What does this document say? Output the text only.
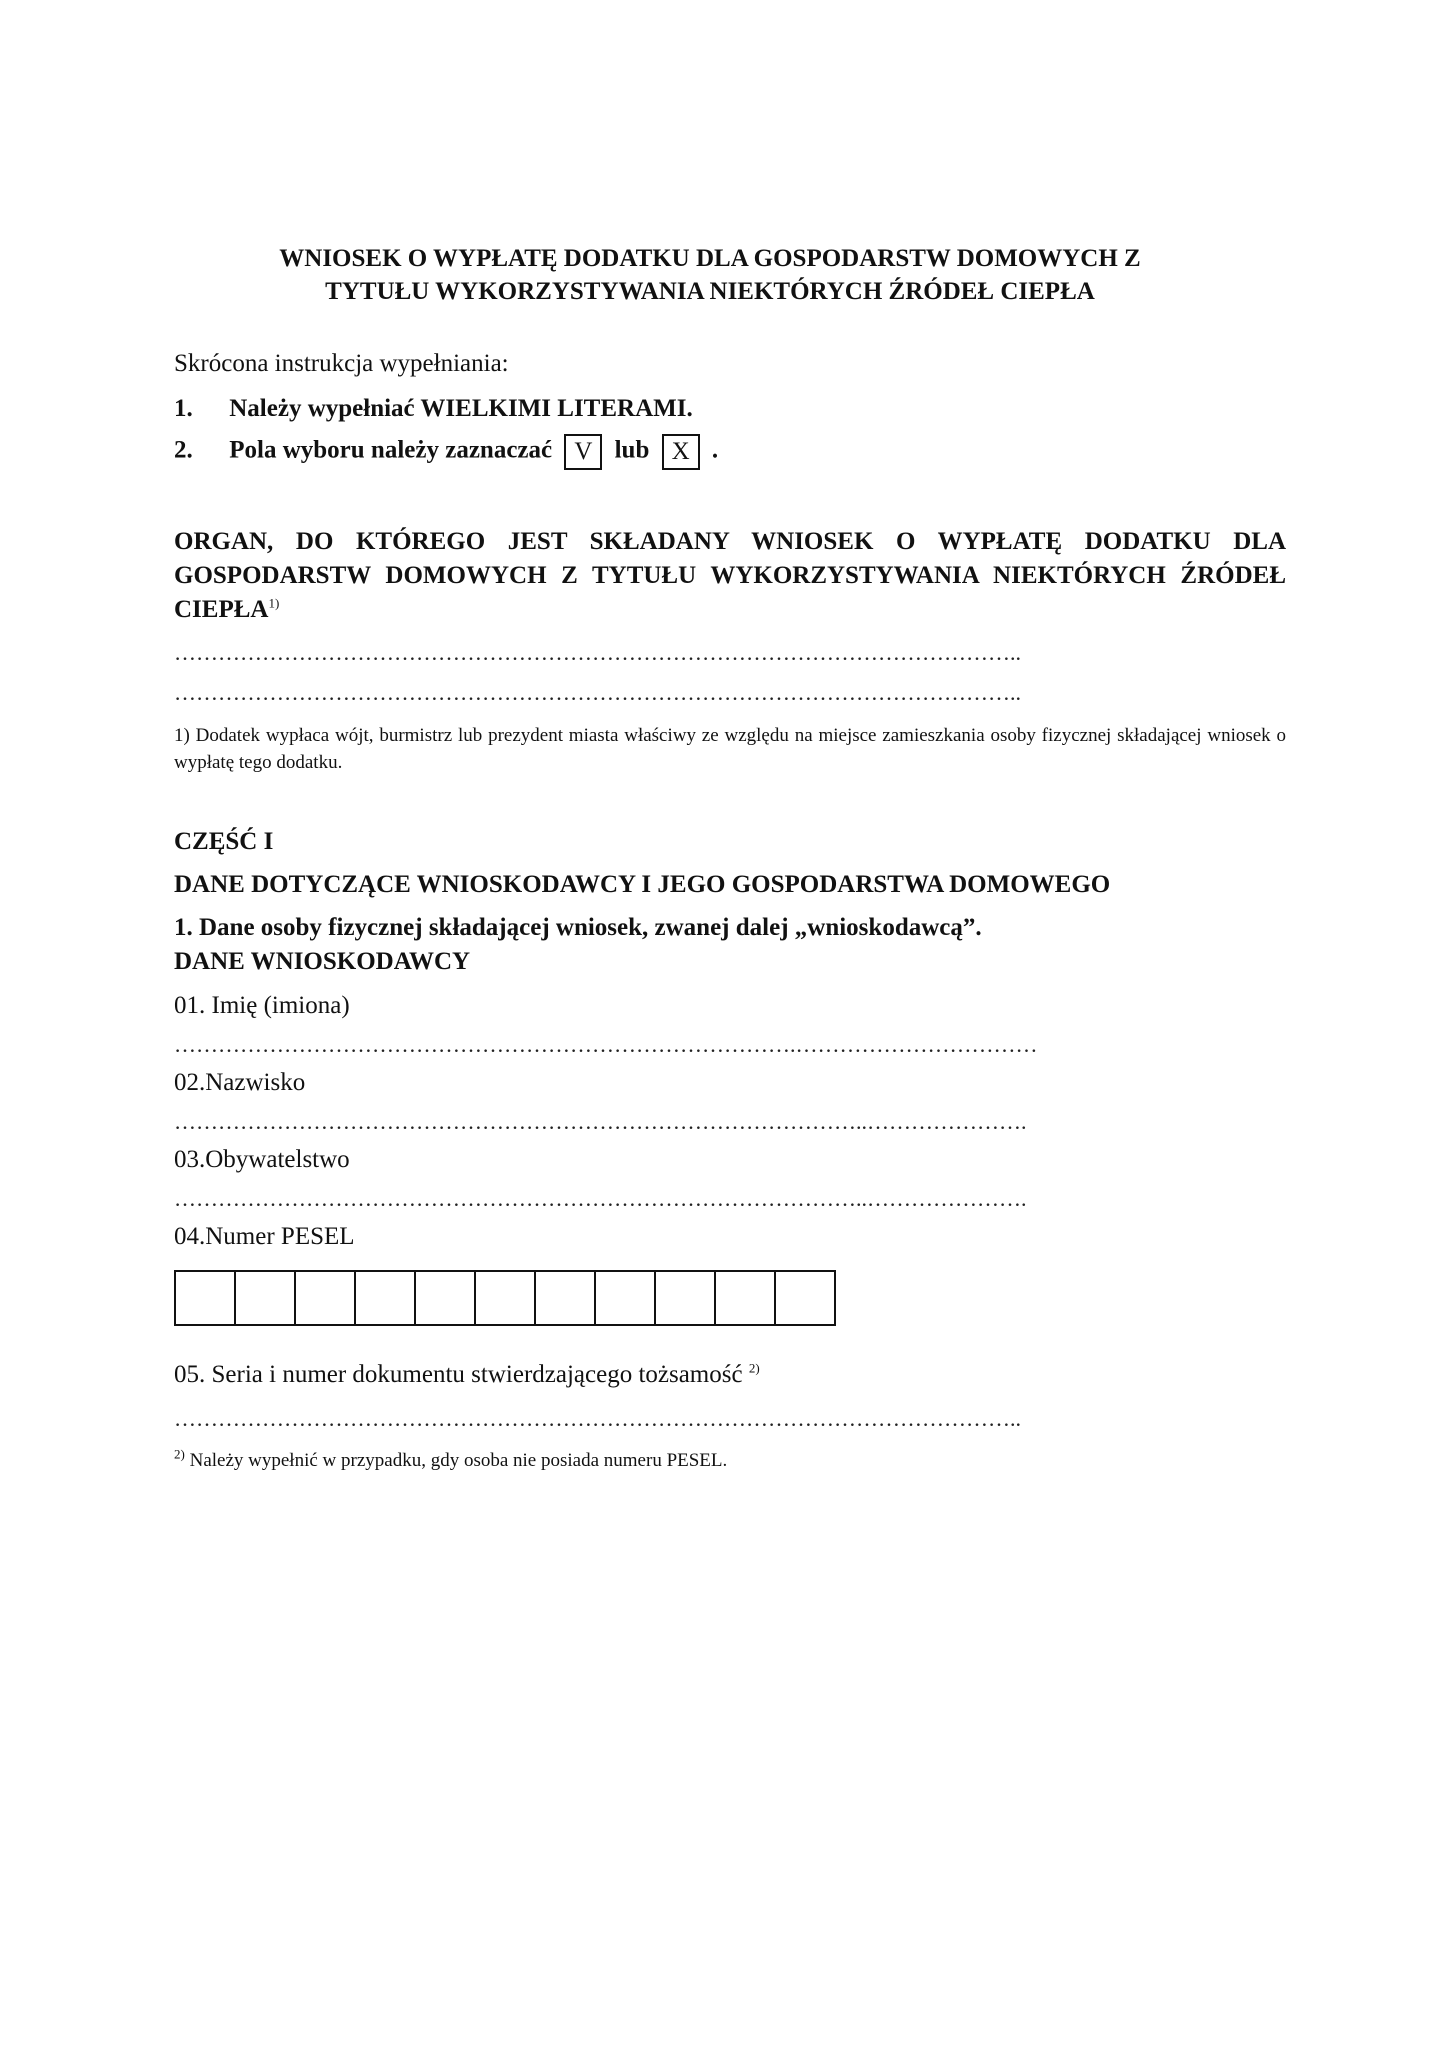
WNIOSEK O WYPŁATĘ DODATKU DLA GOSPODARSTW DOMOWYCH Z
TYTUŁU WYKORZYSTYWANIA NIEKTÓRYCH ŹRÓDEŁ CIEPŁA
Skrócona instrukcja wypełniania:
1. Należy wypełniać WIELKIMI LITERAMI.
2. Pola wyboru należy zaznaczać V lub X .
ORGAN, DO KTÓREGO JEST SKŁADANY WNIOSEK O WYPŁATĘ DODATKU DLA GOSPODARSTW DOMOWYCH Z TYTUŁU WYKORZYSTYWANIA NIEKTÓRYCH ŹRÓDEŁ CIEPŁA$^{1)}$
……………………………………………………………………………………………………..
……………………………………………………………………………………………………..
1) Dodatek wypłaca wójt, burmistrz lub prezydent miasta właściwy ze względu na miejsce zamieszkania osoby fizycznej składającej wniosek o wypłatę tego dodatku.
CZĘŚĆ I
DANE DOTYCZĄCE WNIOSKODAWCY I JEGO GOSPODARSTWA DOMOWEGO
1. Dane osoby fizycznej składającej wniosek, zwanej dalej „wnioskodawcą”.
DANE WNIOSKODAWCY
01. Imię (imiona)
………………………………………………………………………….……………………………
02.Nazwisko
…………………………………………………………………………………..………………….
03.Obywatelstwo
…………………………………………………………………………………..………………….
04.Numer PESEL
05. Seria i numer dokumentu stwierdzającego tożsamość $^{2)}$
……………………………………………………………………………………………………..
$^{2)}$ Należy wypełnić w przypadku, gdy osoba nie posiada numeru PESEL.
